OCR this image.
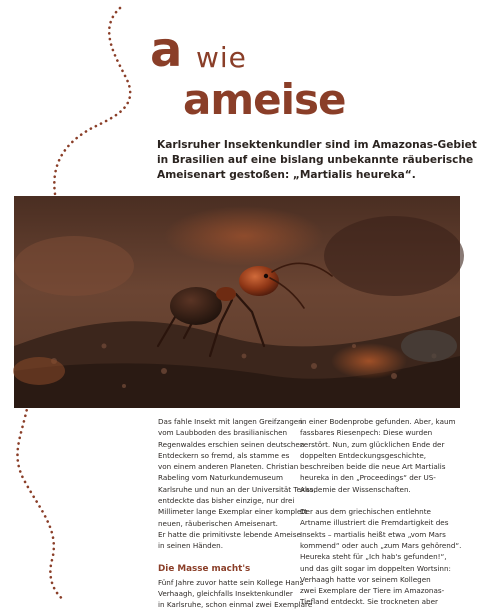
a wie
ameise
Karlsruher Insektenkundler sind im Amazonas-Gebiet
in Brasilien auf eine bislang unbekannte räuberische
Ameisenart gestoßen: „Martialis heureka“.
Das fahle Insekt mit langen Greifzangen
vom Laubboden des brasilianischen
Regenwaldes erschien seinen deutschen
Entdeckern so fremd, als stamme es
von einem anderen Planeten. Christian
Rabeling vom Naturkundemuseum
Karlsruhe und nun an der Universität Texas,
entdeckte das bisher einzige, nur drei
Millimeter lange Exemplar einer komplett
neuen, räuberischen Ameisenart.
Er hatte die primitivste lebende Ameise
in seinen Händen.
Die Masse macht's
Fünf Jahre zuvor hatte sein Kollege Hans
Verhaagh, gleichfalls Insektenkundler
in Karlsruhe, schon einmal zwei Exemplare
in einer Bodenprobe gefunden. Aber, kaum
fassbares Riesenpech: Diese wurden
zerstört. Nun, zum glücklichen Ende der
doppelten Entdeckungsgeschichte,
beschreiben beide die neue Art Martialis
heureka in den „Proceedings“ der US-
Akademie der Wissenschaften.
Der aus dem griechischen entlehnte
Artname illustriert die Fremdartigkeit des
Insekts – martialis heißt etwa „vom Mars
kommend“ oder auch „zum Mars gehörend“.
Heureka steht für „Ich hab's gefunden!“,
und das gilt sogar im doppelten Wortsinn:
Verhaagh hatte vor seinem Kollegen
zwei Exemplare der Tiere im Amazonas-
Tiefland entdeckt. Sie trockneten aber
